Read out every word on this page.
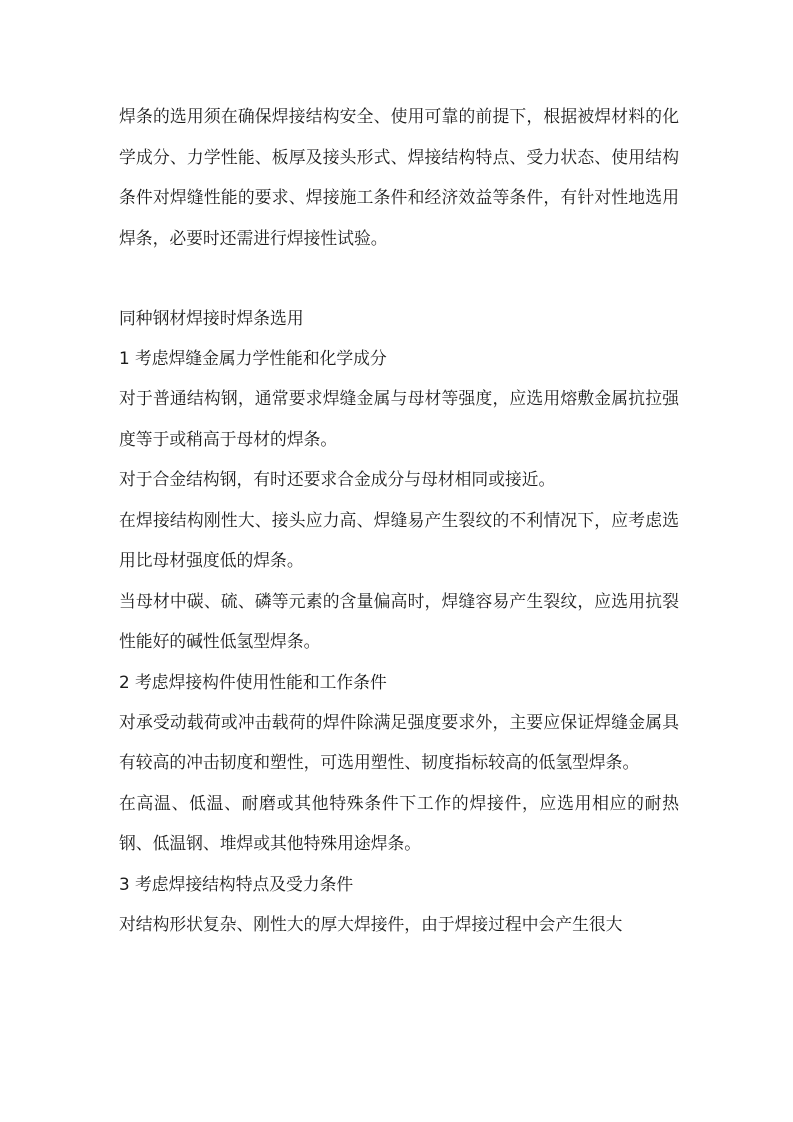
焊条的选用须在确保焊接结构安全、使用可靠的前提下，根据被焊材料的化学成分、力学性能、板厚及接头形式、焊接结构特点、受力状态、使用结构条件对焊缝性能的要求、焊接施工条件和经济效益等条件，有针对性地选用焊条，必要时还需进行焊接性试验。

同种钢材焊接时焊条选用

1 考虑焊缝金属力学性能和化学成分

对于普通结构钢，通常要求焊缝金属与母材等强度，应选用熔敷金属抗拉强度等于或稍高于母材的焊条。

对于合金结构钢，有时还要求合金成分与母材相同或接近。

在焊接结构刚性大、接头应力高、焊缝易产生裂纹的不利情况下，应考虑选用比母材强度低的焊条。

当母材中碳、硫、磷等元素的含量偏高时，焊缝容易产生裂纹，应选用抗裂性能好的碱性低氢型焊条。

2 考虑焊接构件使用性能和工作条件

对承受动载荷或冲击载荷的焊件除满足强度要求外，主要应保证焊缝金属具有较高的冲击韧度和塑性，可选用塑性、韧度指标较高的低氢型焊条。

在高温、低温、耐磨或其他特殊条件下工作的焊接件，应选用相应的耐热钢、低温钢、堆焊或其他特殊用途焊条。

3 考虑焊接结构特点及受力条件

对结构形状复杂、刚性大的厚大焊接件，由于焊接过程中会产生很大
